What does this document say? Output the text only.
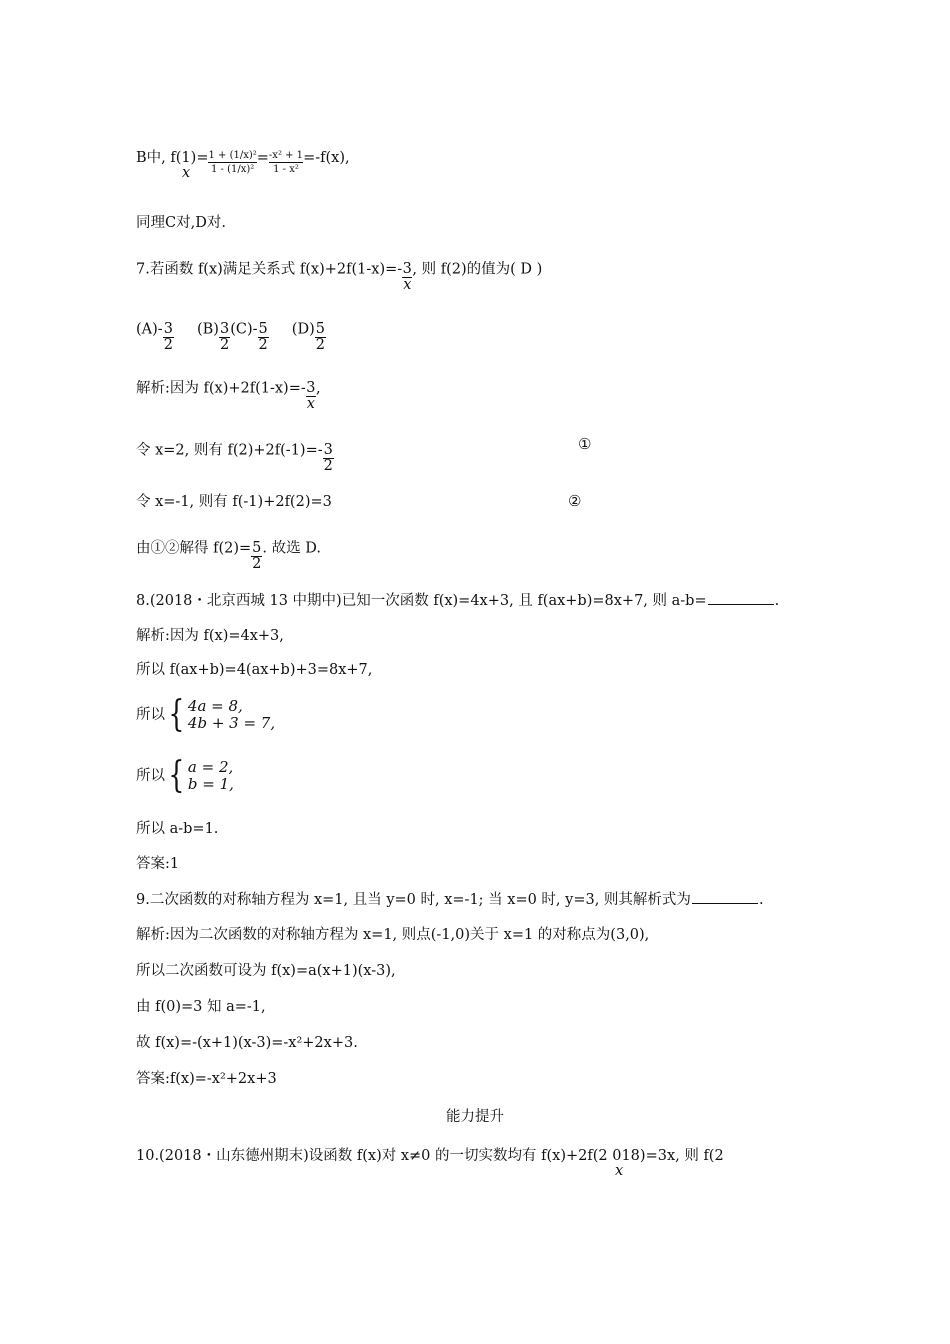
B中, f (1)
x
= $\frac{\text{1 + (1/x)²}}{\text{1 - (1/x)²}} = \frac{\text{-x² + 1}}{\text{1 - x²}} =-f(x)$,
同理C对,D对.
7.若函数 f(x)满足关系式 $f(x)+2f(1-x)=- \frac{3}{x}$ , 则 f(2)的值为( D )
$(A)- \frac{3}{2} (B) \frac{3}{2} (C)- \frac{5}{2} (D) \frac{5}{2}$
解析:因为 $f(x)+2f(1-x)=- \frac{3}{x}$ ,
令 x=2, 则有 $f(2)+2f(-1)=- \frac{3}{2}$	①
令 x=-1, 则有 f(-1)+2f(2)=3	②
由①②解得 $f(2)= \frac{5}{2}$ . 故选 D.
8.(2018・北京西城 13 中期中)已知一次函数 f(x)=4x+3, 且 f(ax+b)=8x+7, 则 a-b=	.
解析:因为 f(x)=4x+3,
所以 f(ax+b)=4(ax+b)+3=8x+7,
所以{ 4a = 8,
4b + 3 = 7,
所以{ a = 2,
b = 1,
所以 a-b=1.
答案:1
9.二次函数的对称轴方程为 x=1, 且当 y=0 时, x=-1; 当 x=0 时, y=3, 则其解析式为	.
解析:因为二次函数的对称轴方程为 x=1, 则点(-1,0)关于 x=1 的对称点为(3,0),
所以二次函数可设为 f(x)=a(x+1)(x-3),
由 f(0)=3 知 a=-1,
故 f(x)=-(x+1)(x-3)=-x²+2x+3.
答案:f(x)=-x²+2x+3
能力提升
10.(2018・山东德州期末)设函数 f(x)对 x≠0 的一切实数均有 f(x)+2f( 2 018
x
)=3x, 则 f(2
